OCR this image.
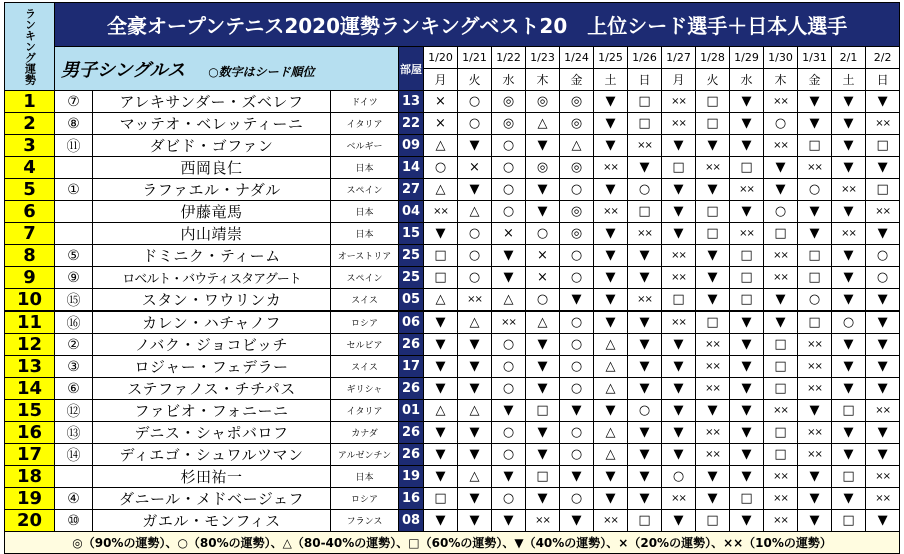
ランキング運勢	全豪オープンテニス2020運勢ランキングベスト20　上位シード選手＋日本人選手																	
	男子シングルス ○数字はシード順位			部屋	1/20	1/21	1/22	1/23	1/24	1/25	1/26	1/27	1/28	1/29	1/30	1/31	2/1	2/2
					月	火	水	木	金	土	日	月	火	水	木	金	土	日
1	⑦	アレキサンダー・ズベレフ	ドイツ	13	×	○	◎	◎	◎	▼	□	××	□	▼	××	▼	▼	▼
2	⑧	マッテオ・ベレッティーニ	イタリア	22	×	○	◎	△	◎	▼	□	××	□	▼	○	▼	▼	××
3	⑪	ダビド・ゴファン	ベルギー	09	△	▼	○	▼	△	▼	××	▼	▼	▼	××	□	▼	□
4		西岡良仁	日本	14	○	×	○	◎	◎	××	▼	□	××	□	▼	××	▼	▼
5	①	ラファエル・ナダル	スペイン	27	△	▼	○	▼	○	▼	○	▼	▼	××	▼	○	××	□
6		伊藤竜馬	日本	04	××	△	○	▼	◎	××	□	▼	□	▼	○	▼	▼	××
7		内山靖崇	日本	15	▼	○	×	○	◎	▼	××	▼	□	××	□	▼	××	▼
8	⑤	ドミニク・ティーム	オーストリア	25	□	○	▼	×	○	▼	▼	××	▼	□	××	□	▼	○
9	⑨	ロベルト・バウティスタアグート	スペイン	25	□	○	▼	×	○	▼	▼	××	▼	□	××	□	▼	○
10	⑮	スタン・ワウリンカ	スイス	05	△	××	△	○	▼	▼	××	□	▼	□	▼	○	▼	▼
11	⑯	カレン・ハチャノフ	ロシア	06	▼	△	××	△	○	▼	▼	××	□	▼	▼	□	○	▼
12	②	ノバク・ジョコビッチ	セルビア	26	▼	▼	○	▼	○	△	▼	▼	××	▼	□	××	▼	▼
13	③	ロジャー・フェデラー	スイス	17	▼	▼	○	▼	○	△	▼	▼	××	▼	□	××	▼	▼
14	⑥	ステファノス・チチパス	ギリシャ	26	▼	▼	○	▼	○	△	▼	▼	××	▼	□	××	▼	▼
15	⑫	ファビオ・フォニーニ	イタリア	01	△	△	▼	□	▼	▼	○	▼	▼	▼	××	▼	□	××
16	⑬	デニス・シャポバロフ	カナダ	26	▼	▼	○	▼	○	△	▼	▼	××	▼	□	××	▼	▼
17	⑭	ディエゴ・シュワルツマン	アルゼンチン	26	▼	▼	○	▼	○	△	▼	▼	××	▼	□	××	▼	▼
18		杉田祐一	日本	19	▼	△	▼	□	▼	▼	▼	○	▼	▼	××	▼	□	××
19	④	ダニール・メドベージェフ	ロシア	16	□	▼	○	▼	○	▼	▼	××	▼	□	××	▼	▼	××
20	⑩	ガエル・モンフィス	フランス	08	▼	▼	▼	××	▼	××	□	▼	□	▼	××	▼	□	▼
◎（90%の運勢）、○（80%の運勢）、△（80-40%の運勢）、□（60%の運勢）、▼（40%の運勢）、×（20%の運勢）、××（10%の運勢）																		
